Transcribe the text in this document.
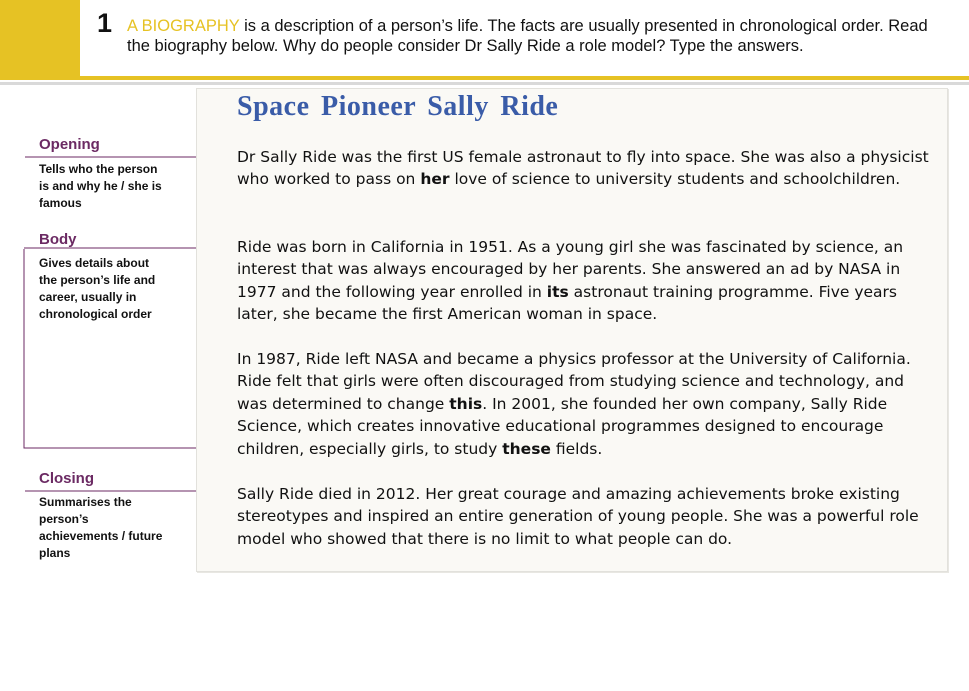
1 A BIOGRAPHY is a description of a person’s life. The facts are usually presented in chronological order. Read the biography below. Why do people consider Dr Sally Ride a role model? Type the answers.
Opening
Tells who the person is and why he / she is famous
Body
Gives details about the person’s life and career, usually in chronological order
Closing
Summarises the person’s achievements / future plans
Space Pioneer Sally Ride
Dr Sally Ride was the first US female astronaut to fly into space. She was also a physicist who worked to pass on her love of science to university students and schoolchildren.
Ride was born in California in 1951. As a young girl she was fascinated by science, an interest that was always encouraged by her parents. She answered an ad by NASA in 1977 and the following year enrolled in its astronaut training programme. Five years later, she became the first American woman in space.
In 1987, Ride left NASA and became a physics professor at the University of California. Ride felt that girls were often discouraged from studying science and technology, and was determined to change this. In 2001, she founded her own company, Sally Ride Science, which creates innovative educational programmes designed to encourage children, especially girls, to study these fields.
Sally Ride died in 2012. Her great courage and amazing achievements broke existing stereotypes and inspired an entire generation of young people. She was a powerful role model who showed that there is no limit to what people can do.
